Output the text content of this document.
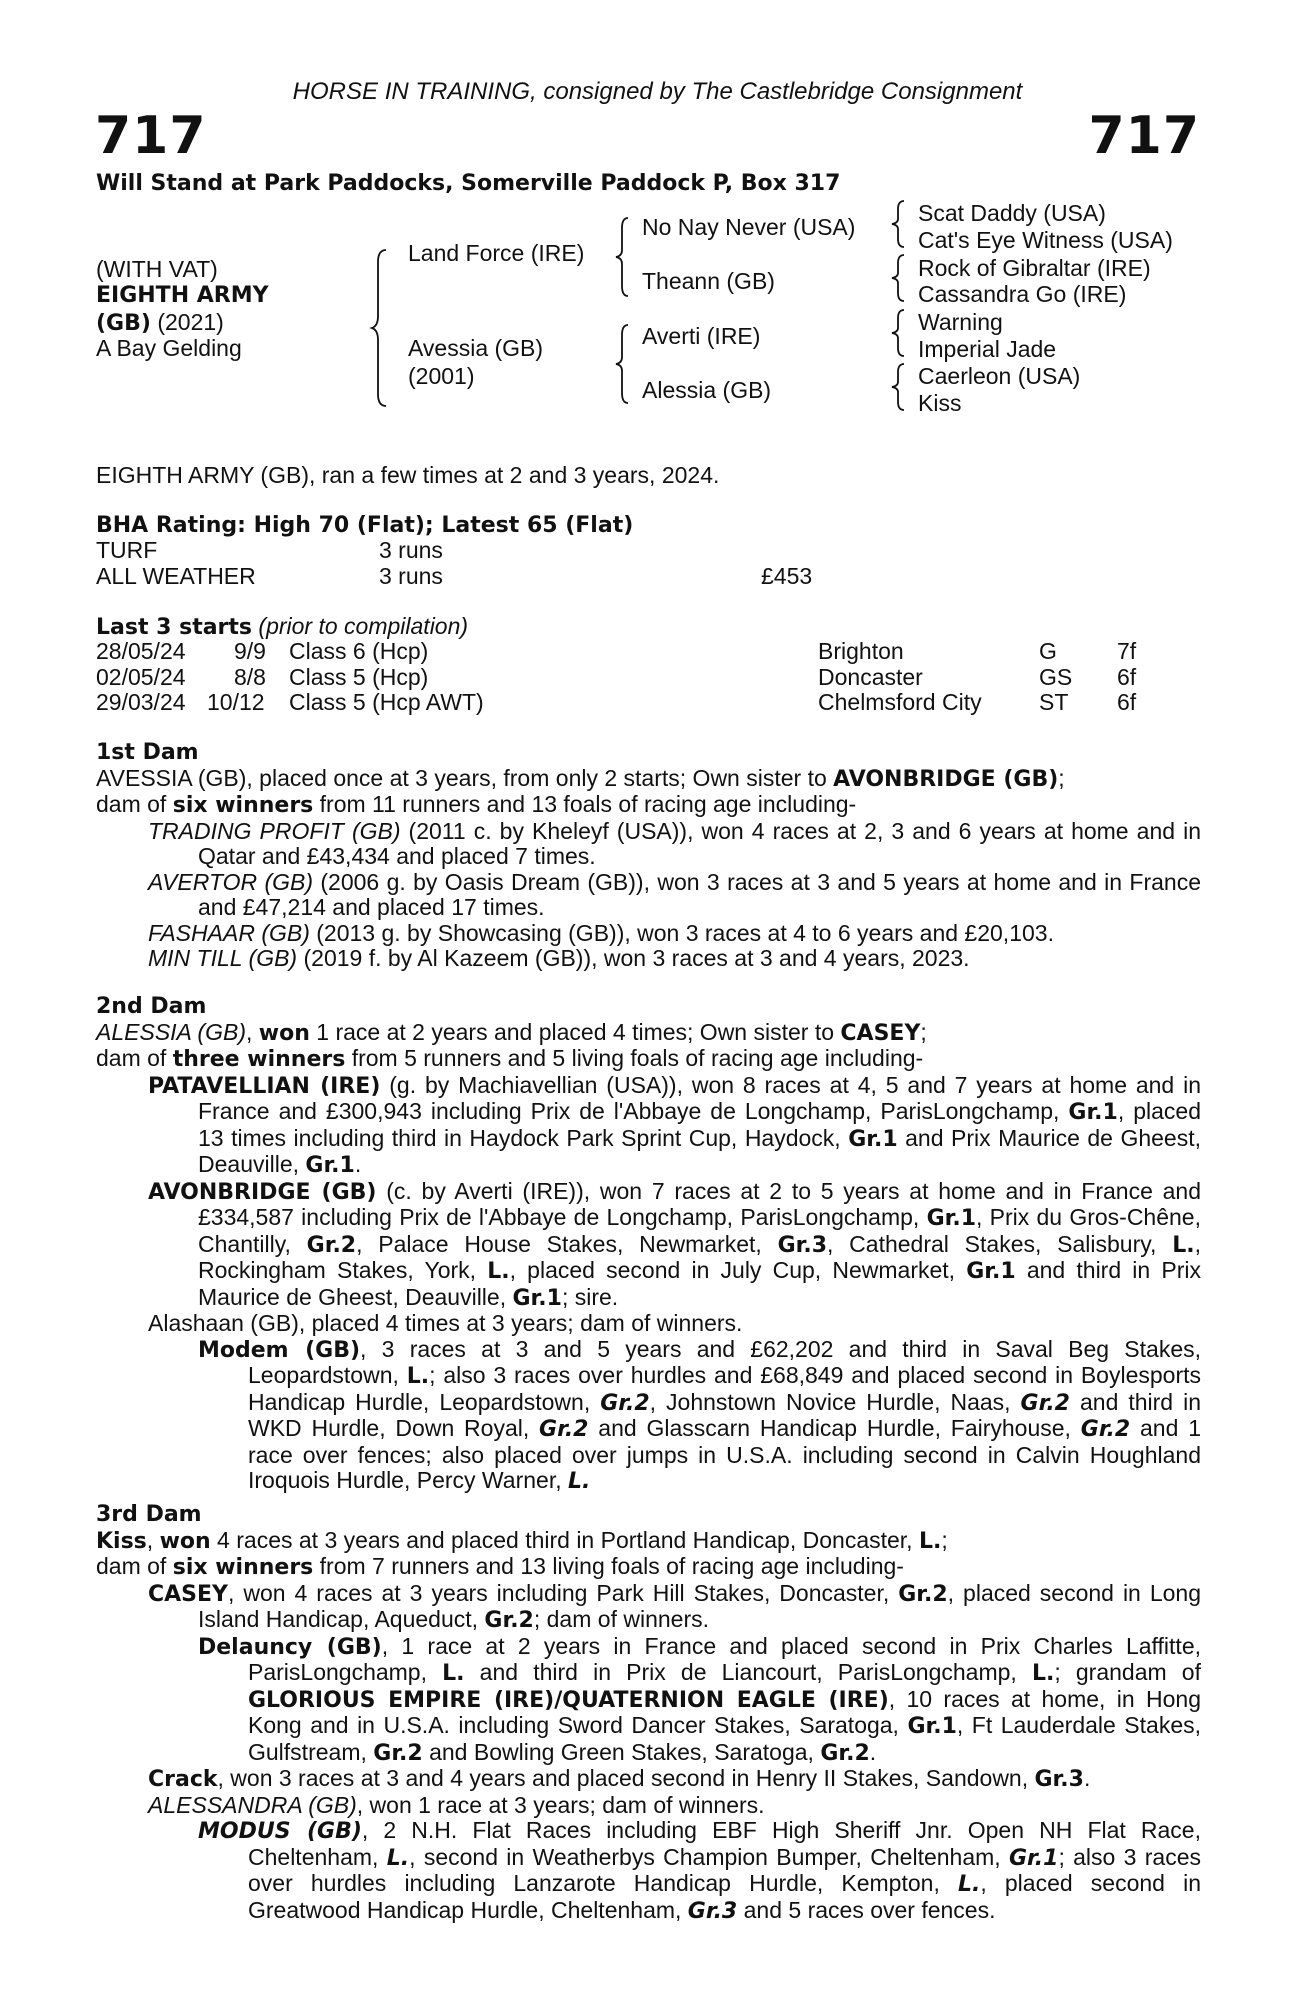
HORSE IN TRAINING, consigned by The Castlebridge Consignment
717	717
Will Stand at Park Paddocks, Somerville Paddock P, Box 317
(WITH VAT)
EIGHTH ARMY
(GB) (2021)
A Bay Gelding
Land Force (IRE)
Avessia (GB)
(2001)
No Nay Never (USA)
Theann (GB)
Averti (IRE)
Alessia (GB)
Scat Daddy (USA)
Cat's Eye Witness (USA)
Rock of Gibraltar (IRE)
Cassandra Go (IRE)
Warning
Imperial Jade
Caerleon (USA)
Kiss
EIGHTH ARMY (GB), ran a few times at 2 and 3 years, 2024.
BHA Rating: High 70 (Flat); Latest 65 (Flat)
TURF	3 runs
ALL WEATHER	3 runs	£453
Last 3 starts (prior to compilation)
28/05/24 9/9 Class 6 (Hcp)	Brighton	G	7f
02/05/24 8/8 Class 5 (Hcp)	Doncaster	GS 6f
29/03/24 10/12 Class 5 (Hcp AWT)	Chelmsford City ST 6f

1st Dam

AVESSIA (GB), placed once at 3 years, from only 2 starts; Own sister to AVONBRIDGE (GB);

dam of six winners from 11 runners and 13 foals of racing age including-

TRADING PROFIT (GB) (2011 c. by Kheleyf (USA)), won 4 races at 2, 3 and 6 years at home and in Qatar and £43,434 and placed 7 times.

AVERTOR (GB) (2006 g. by Oasis Dream (GB)), won 3 races at 3 and 5 years at home and in France and £47,214 and placed 17 times.

FASHAAR (GB) (2013 g. by Showcasing (GB)), won 3 races at 4 to 6 years and £20,103.

MIN TILL (GB) (2019 f. by Al Kazeem (GB)), won 3 races at 3 and 4 years, 2023.

2nd Dam

ALESSIA (GB), won 1 race at 2 years and placed 4 times; Own sister to CASEY;

dam of three winners from 5 runners and 5 living foals of racing age including-

PATAVELLIAN (IRE) (g. by Machiavellian (USA)), won 8 races at 4, 5 and 7 years at home and in France and £300,943 including Prix de l'Abbaye de Longchamp, ParisLongchamp, Gr.1, placed 13 times including third in Haydock Park Sprint Cup, Haydock, Gr.1 and Prix Maurice de Gheest, Deauville, Gr.1.

AVONBRIDGE (GB) (c. by Averti (IRE)), won 7 races at 2 to 5 years at home and in France and £334,587 including Prix de l'Abbaye de Longchamp, ParisLongchamp, Gr.1, Prix du Gros-Chêne, Chantilly, Gr.2, Palace House Stakes, Newmarket, Gr.3, Cathedral Stakes, Salisbury, L., Rockingham Stakes, York, L., placed second in July Cup, Newmarket, Gr.1 and third in Prix Maurice de Gheest, Deauville, Gr.1; sire.

Alashaan (GB), placed 4 times at 3 years; dam of winners.

Modem (GB), 3 races at 3 and 5 years and £62,202 and third in Saval Beg Stakes, Leopardstown, L.; also 3 races over hurdles and £68,849 and placed second in Boylesports Handicap Hurdle, Leopardstown, Gr.2, Johnstown Novice Hurdle, Naas, Gr.2 and third in WKD Hurdle, Down Royal, Gr.2 and Glasscarn Handicap Hurdle, Fairyhouse, Gr.2 and 1 race over fences; also placed over jumps in U.S.A. including second in Calvin Houghland Iroquois Hurdle, Percy Warner, L.

3rd Dam

Kiss, won 4 races at 3 years and placed third in Portland Handicap, Doncaster, L.;

dam of six winners from 7 runners and 13 living foals of racing age including-

CASEY, won 4 races at 3 years including Park Hill Stakes, Doncaster, Gr.2, placed second in Long Island Handicap, Aqueduct, Gr.2; dam of winners.

Delauncy (GB), 1 race at 2 years in France and placed second in Prix Charles Laffitte, ParisLongchamp, L. and third in Prix de Liancourt, ParisLongchamp, L.; grandam of GLORIOUS EMPIRE (IRE)/QUATERNION EAGLE (IRE), 10 races at home, in Hong Kong and in U.S.A. including Sword Dancer Stakes, Saratoga, Gr.1, Ft Lauderdale Stakes, Gulfstream, Gr.2 and Bowling Green Stakes, Saratoga, Gr.2.

Crack, won 3 races at 3 and 4 years and placed second in Henry II Stakes, Sandown, Gr.3.

ALESSANDRA (GB), won 1 race at 3 years; dam of winners.

MODUS (GB), 2 N.H. Flat Races including EBF High Sheriff Jnr. Open NH Flat Race, Cheltenham, L., second in Weatherbys Champion Bumper, Cheltenham, Gr.1; also 3 races over hurdles including Lanzarote Handicap Hurdle, Kempton, L., placed second in Greatwood Handicap Hurdle, Cheltenham, Gr.3 and 5 races over fences.
